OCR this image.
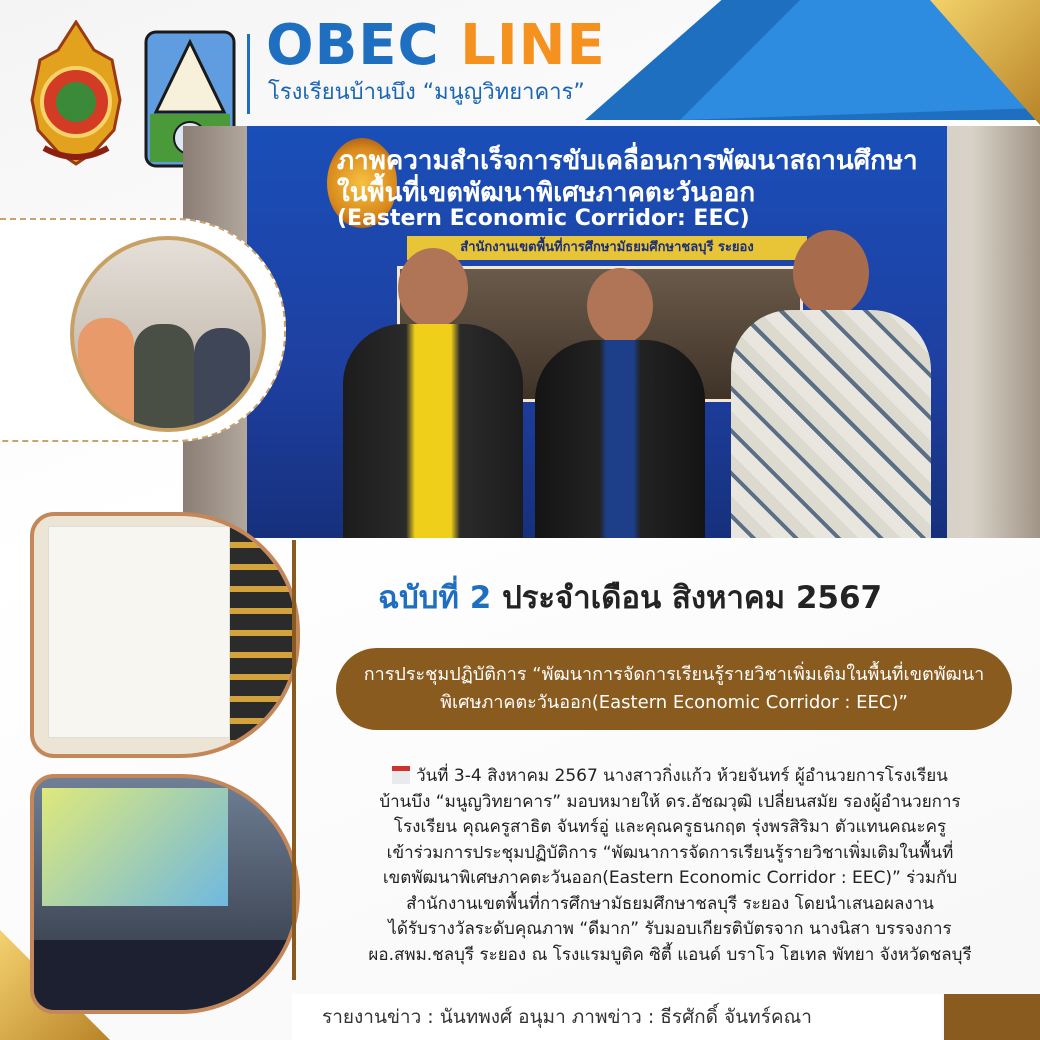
OBEC LINE
โรงเรียนบ้านบึง “มนูญวิทยาคาร”
ภาพความสำเร็จการขับเคลื่อนการพัฒนาสถานศึกษา
ในพื้นที่เขตพัฒนาพิเศษภาคตะวันออก
(Eastern Economic Corridor: EEC)
สำนักงานเขตพื้นที่การศึกษามัธยมศึกษาชลบุรี ระยอง
ฉบับที่ 2 ประจำเดือน สิงหาคม 2567
การประชุมปฏิบัติการ “พัฒนาการจัดการเรียนรู้รายวิชาเพิ่มเติมในพื้นที่เขตพัฒนาพิเศษภาคตะวันออก(Eastern Economic Corridor : EEC)”
วันที่ 3-4 สิงหาคม 2567 นางสาวกิ่งแก้ว ห้วยจันทร์ ผู้อำนวยการโรงเรียน
บ้านบึง “มนูญวิทยาคาร” มอบหมายให้ ดร.อัชฌวุฒิ เปลี่ยนสมัย รองผู้อำนวยการ
โรงเรียน คุณครูสาธิต จันทร์อู่ และคุณครูธนกฤต รุ่งพรสิริมา ตัวแทนคณะครู
เข้าร่วมการประชุมปฏิบัติการ “พัฒนาการจัดการเรียนรู้รายวิชาเพิ่มเติมในพื้นที่
เขตพัฒนาพิเศษภาคตะวันออก(Eastern Economic Corridor : EEC)” ร่วมกับ
สำนักงานเขตพื้นที่การศึกษามัธยมศึกษาชลบุรี ระยอง โดยนำเสนอผลงาน
ได้รับรางวัลระดับคุณภาพ “ดีมาก” รับมอบเกียรติบัตรจาก นางนิสา บรรจงการ
ผอ.สพม.ชลบุรี ระยอง ณ โรงแรมบูติค ซิตี้ แอนด์ บราโว โฮเทล พัทยา จังหวัดชลบุรี
รายงานข่าว : นันทพงศ์ อนุมา ภาพข่าว : ธีรศักดิ์ จันทร์คณา
